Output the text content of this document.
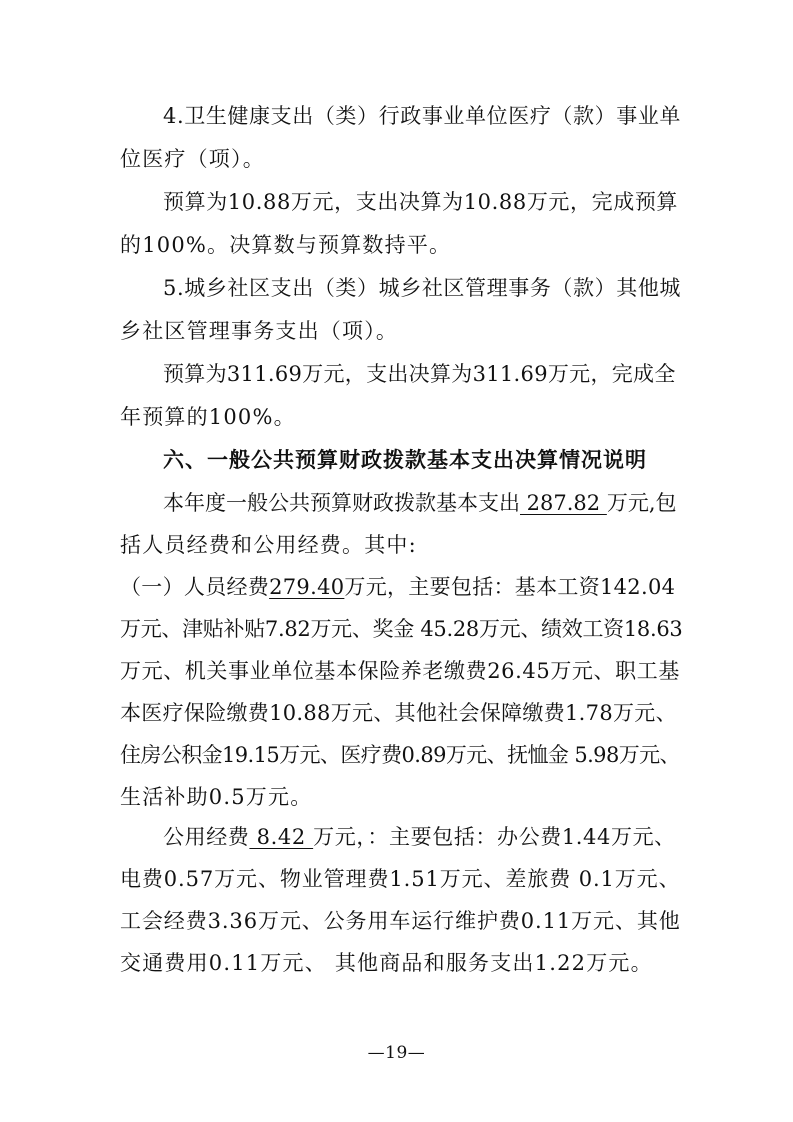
4.卫生健康支出（类）行政事业单位医疗（款）事业单
位医疗（项）。
预算为10.88万元，支出决算为10.88万元，完成预算
的100%。决算数与预算数持平。
5.城乡社区支出（类）城乡社区管理事务（款）其他城
乡社区管理事务支出（项）。
预算为311.69万元，支出决算为311.69万元，完成全
年预算的100%。
六、一般公共预算财政拨款基本支出决算情况说明
本年度一般公共预算财政拨款基本支出 287.82 万元,包
括人员经费和公用经费。其中:
（一）人员经费279.40万元，主要包括：基本工资142.04
万元、津贴补贴7.82万元、奖金 45.28万元、绩效工资18.63
万元、机关事业单位基本保险养老缴费26.45万元、职工基
本医疗保险缴费10.88万元、其他社会保障缴费1.78万元、
住房公积金19.15万元、医疗费0.89万元、抚恤金 5.98万元、
生活补助0.5万元。
公用经费 8.42 万元，：主要包括：办公费1.44万元、
电费0.57万元、物业管理费1.51万元、差旅费 0.1万元、
工会经费3.36万元、公务用车运行维护费0.11万元、其他
交通费用0.11万元、 其他商品和服务支出1.22万元。
—19—
